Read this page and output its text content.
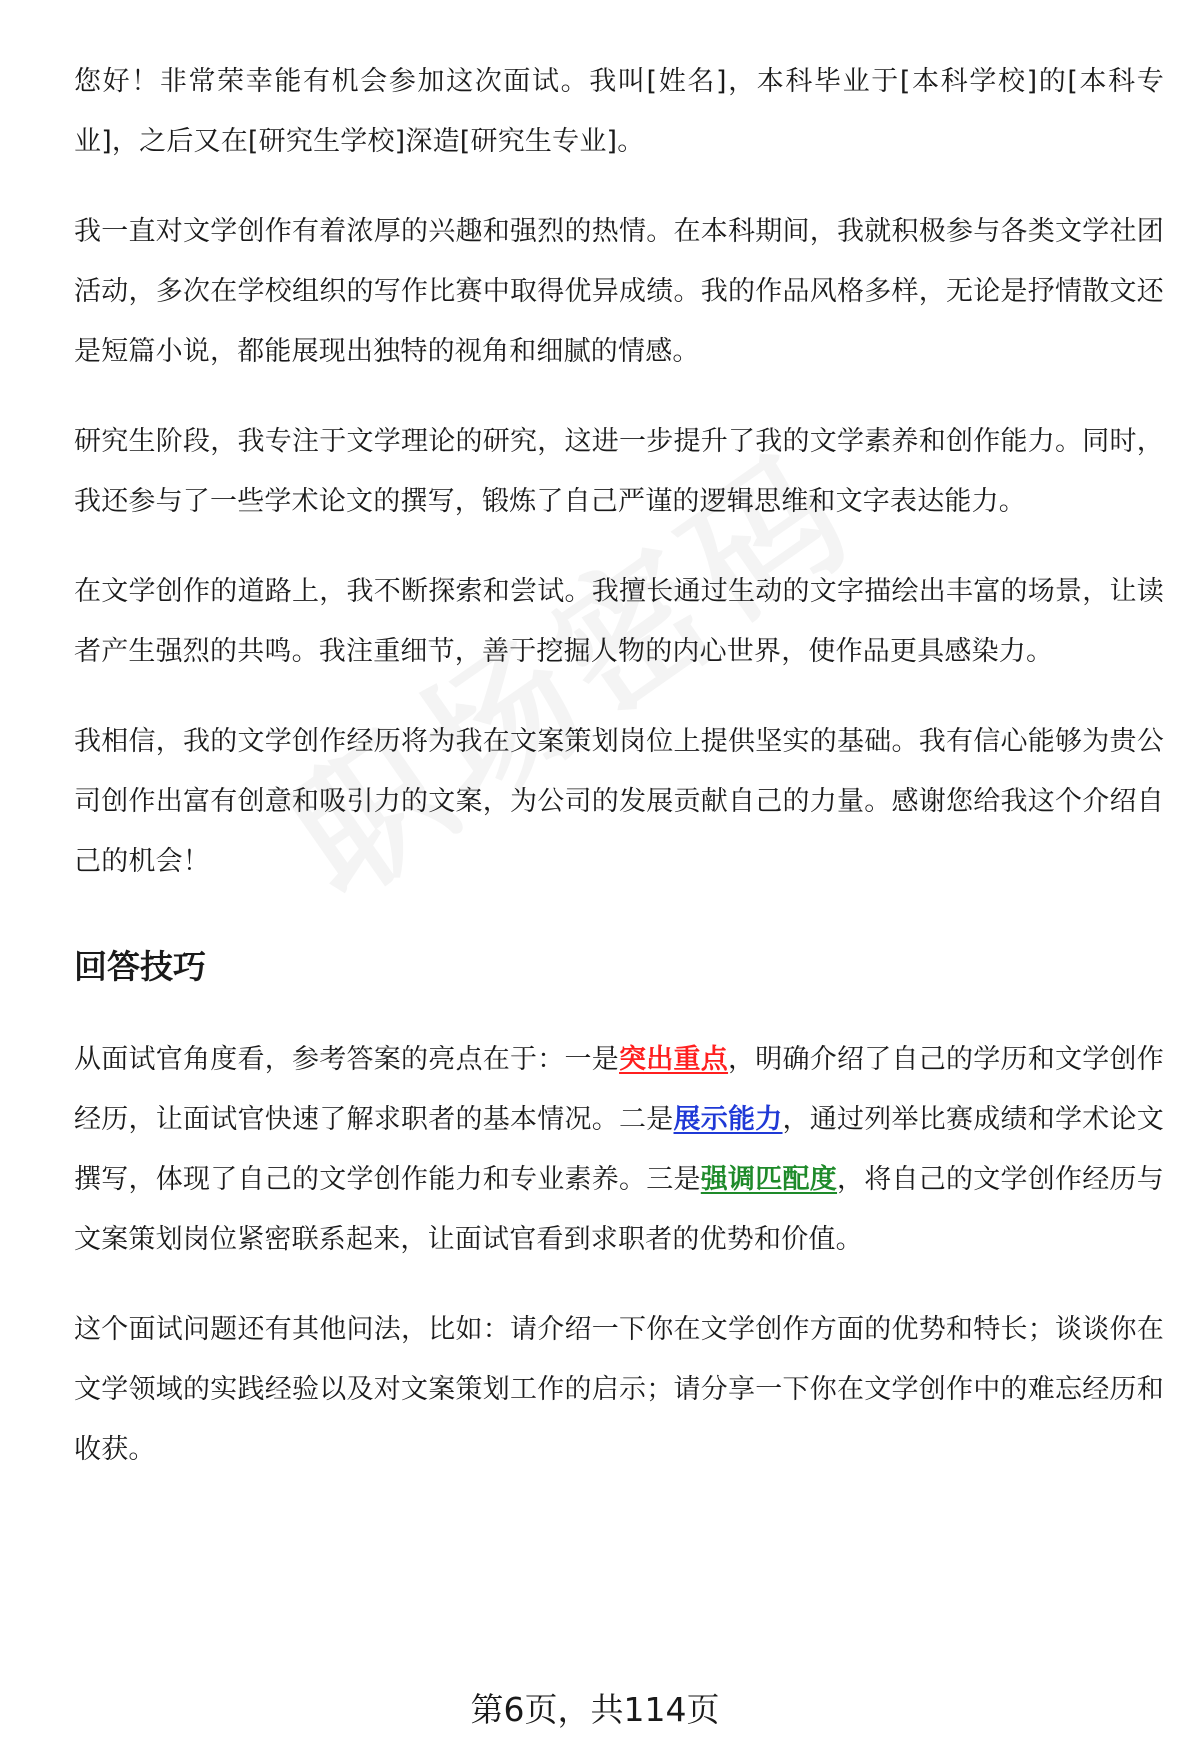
您好！非常荣幸能有机会参加这次面试。我叫[姓名]，本科毕业于[本科学校]的[本科专业]，之后又在[研究生学校]深造[研究生专业]。

我一直对文学创作有着浓厚的兴趣和强烈的热情。在本科期间，我就积极参与各类文学社团活动，多次在学校组织的写作比赛中取得优异成绩。我的作品风格多样，无论是抒情散文还是短篇小说，都能展现出独特的视角和细腻的情感。

研究生阶段，我专注于文学理论的研究，这进一步提升了我的文学素养和创作能力。同时，我还参与了一些学术论文的撰写，锻炼了自己严谨的逻辑思维和文字表达能力。

在文学创作的道路上，我不断探索和尝试。我擅长通过生动的文字描绘出丰富的场景，让读者产生强烈的共鸣。我注重细节，善于挖掘人物的内心世界，使作品更具感染力。

我相信，我的文学创作经历将为我在文案策划岗位上提供坚实的基础。我有信心能够为贵公司创作出富有创意和吸引力的文案，为公司的发展贡献自己的力量。感谢您给我这个介绍自己的机会！

回答技巧

从面试官角度看，参考答案的亮点在于：一是突出重点，明确介绍了自己的学历和文学创作经历，让面试官快速了解求职者的基本情况。二是展示能力，通过列举比赛成绩和学术论文撰写，体现了自己的文学创作能力和专业素养。三是强调匹配度，将自己的文学创作经历与文案策划岗位紧密联系起来，让面试官看到求职者的优势和价值。

这个面试问题还有其他问法，比如：请介绍一下你在文学创作方面的优势和特长；谈谈你在文学领域的实践经验以及对文案策划工作的启示；请分享一下你在文学创作中的难忘经历和收获。

第6页，共114页
